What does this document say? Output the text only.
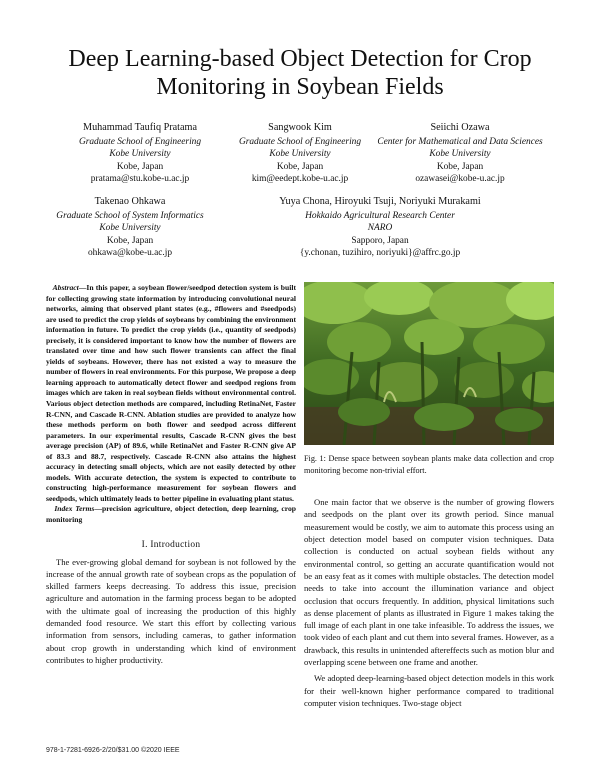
Deep Learning-based Object Detection for Crop Monitoring in Soybean Fields
Muhammad Taufiq Pratama
Graduate School of Engineering
Kobe University
Kobe, Japan
pratama@stu.kobe-u.ac.jp
Sangwook Kim
Graduate School of Engineering
Kobe University
Kobe, Japan
kim@eedept.kobe-u.ac.jp
Seiichi Ozawa
Center for Mathematical and Data Sciences
Kobe University
Kobe, Japan
ozawasei@kobe-u.ac.jp
Takenao Ohkawa
Graduate School of System Informatics
Kobe University
Kobe, Japan
ohkawa@kobe-u.ac.jp
Yuya Chona, Hiroyuki Tsuji, Noriyuki Murakami
Hokkaido Agricultural Research Center
NARO
Sapporo, Japan
{y.chonan, tuzihiro, noriyuki}@affrc.go.jp

Abstract—In this paper, a soybean flower/seedpod detection system is built for collecting growing state information by introducing convolutional neural networks, aiming that observed plant states (e.g., #flowers and #seedpods) are used to predict the crop yields of soybeans by combining the environment information in future. To predict the crop yields (i.e., quantity of seedpods) precisely, it is considered important to know how the number of flowers are translated over time and how such flower transients can affect the final yields of soybeans. However, there has not existed a way to measure the number of flowers in real environments. For this purpose, We propose a deep learning approach to automatically detect flower and seedpod regions from images which are taken in real soybean fields without environmental control. Various object detection methods are compared, including RetinaNet, Faster R-CNN, and Cascade R-CNN. Ablation studies are provided to analyze how these methods perform on both flower and seedpod across different parameters. In our experimental results, Cascade R-CNN gives the best average precision (AP) of 89.6, while RetinaNet and Faster R-CNN give AP of 83.3 and 88.7, respectively. Cascade R-CNN also attains the highest accuracy in detecting small objects, which are not easily detected by other models. With accurate detection, the system is expected to contribute to constructing high-performance measurement for soybean flowers and seedpods, which ultimately leads to better pipeline in evaluating plant status.

Index Terms—precision agriculture, object detection, deep learning, crop monitoring

I. Introduction

The ever-growing global demand for soybean is not followed by the increase of the annual growth rate of soybean crops as the population of skilled farmers keeps decreasing. To address this issue, precision agriculture and automation in the farming process began to be adopted with the ultimate goal of increasing the production of this highly demanded food resource. We start this effort by collecting various information from sensors, including cameras, to gather information about crop growth in understanding which kind of environment contributes to higher productivity.

Fig. 1: Dense space between soybean plants make data collection and crop monitoring become non-trivial effort.

One main factor that we observe is the number of growing flowers and seedpods on the plant over its growth period. Since manual measurement would be costly, we aim to automate this process using an object detection model based on computer vision techniques. Data collection is conducted on actual soybean fields without any environmental control, so getting an accurate quantification would not be an easy feat as it comes with multiple obstacles. The detection model needs to take into account the illumination variance and object occlusion that occurs frequently. In addition, physical limitations such as dense placement of plants as illustrated in Figure 1 makes taking the full image of each plant in one take infeasible. To address the issues, we took video of each plant and cut them into several frames. However, as a drawback, this results in unintended aftereffects such as motion blur and overlapping scene between one frame and another.

We adopted deep-learning-based object detection models in this work for their well-known higher performance compared to traditional computer vision techniques. Two-stage object

978-1-7281-6926-2/20/$31.00 ©2020 IEEE
